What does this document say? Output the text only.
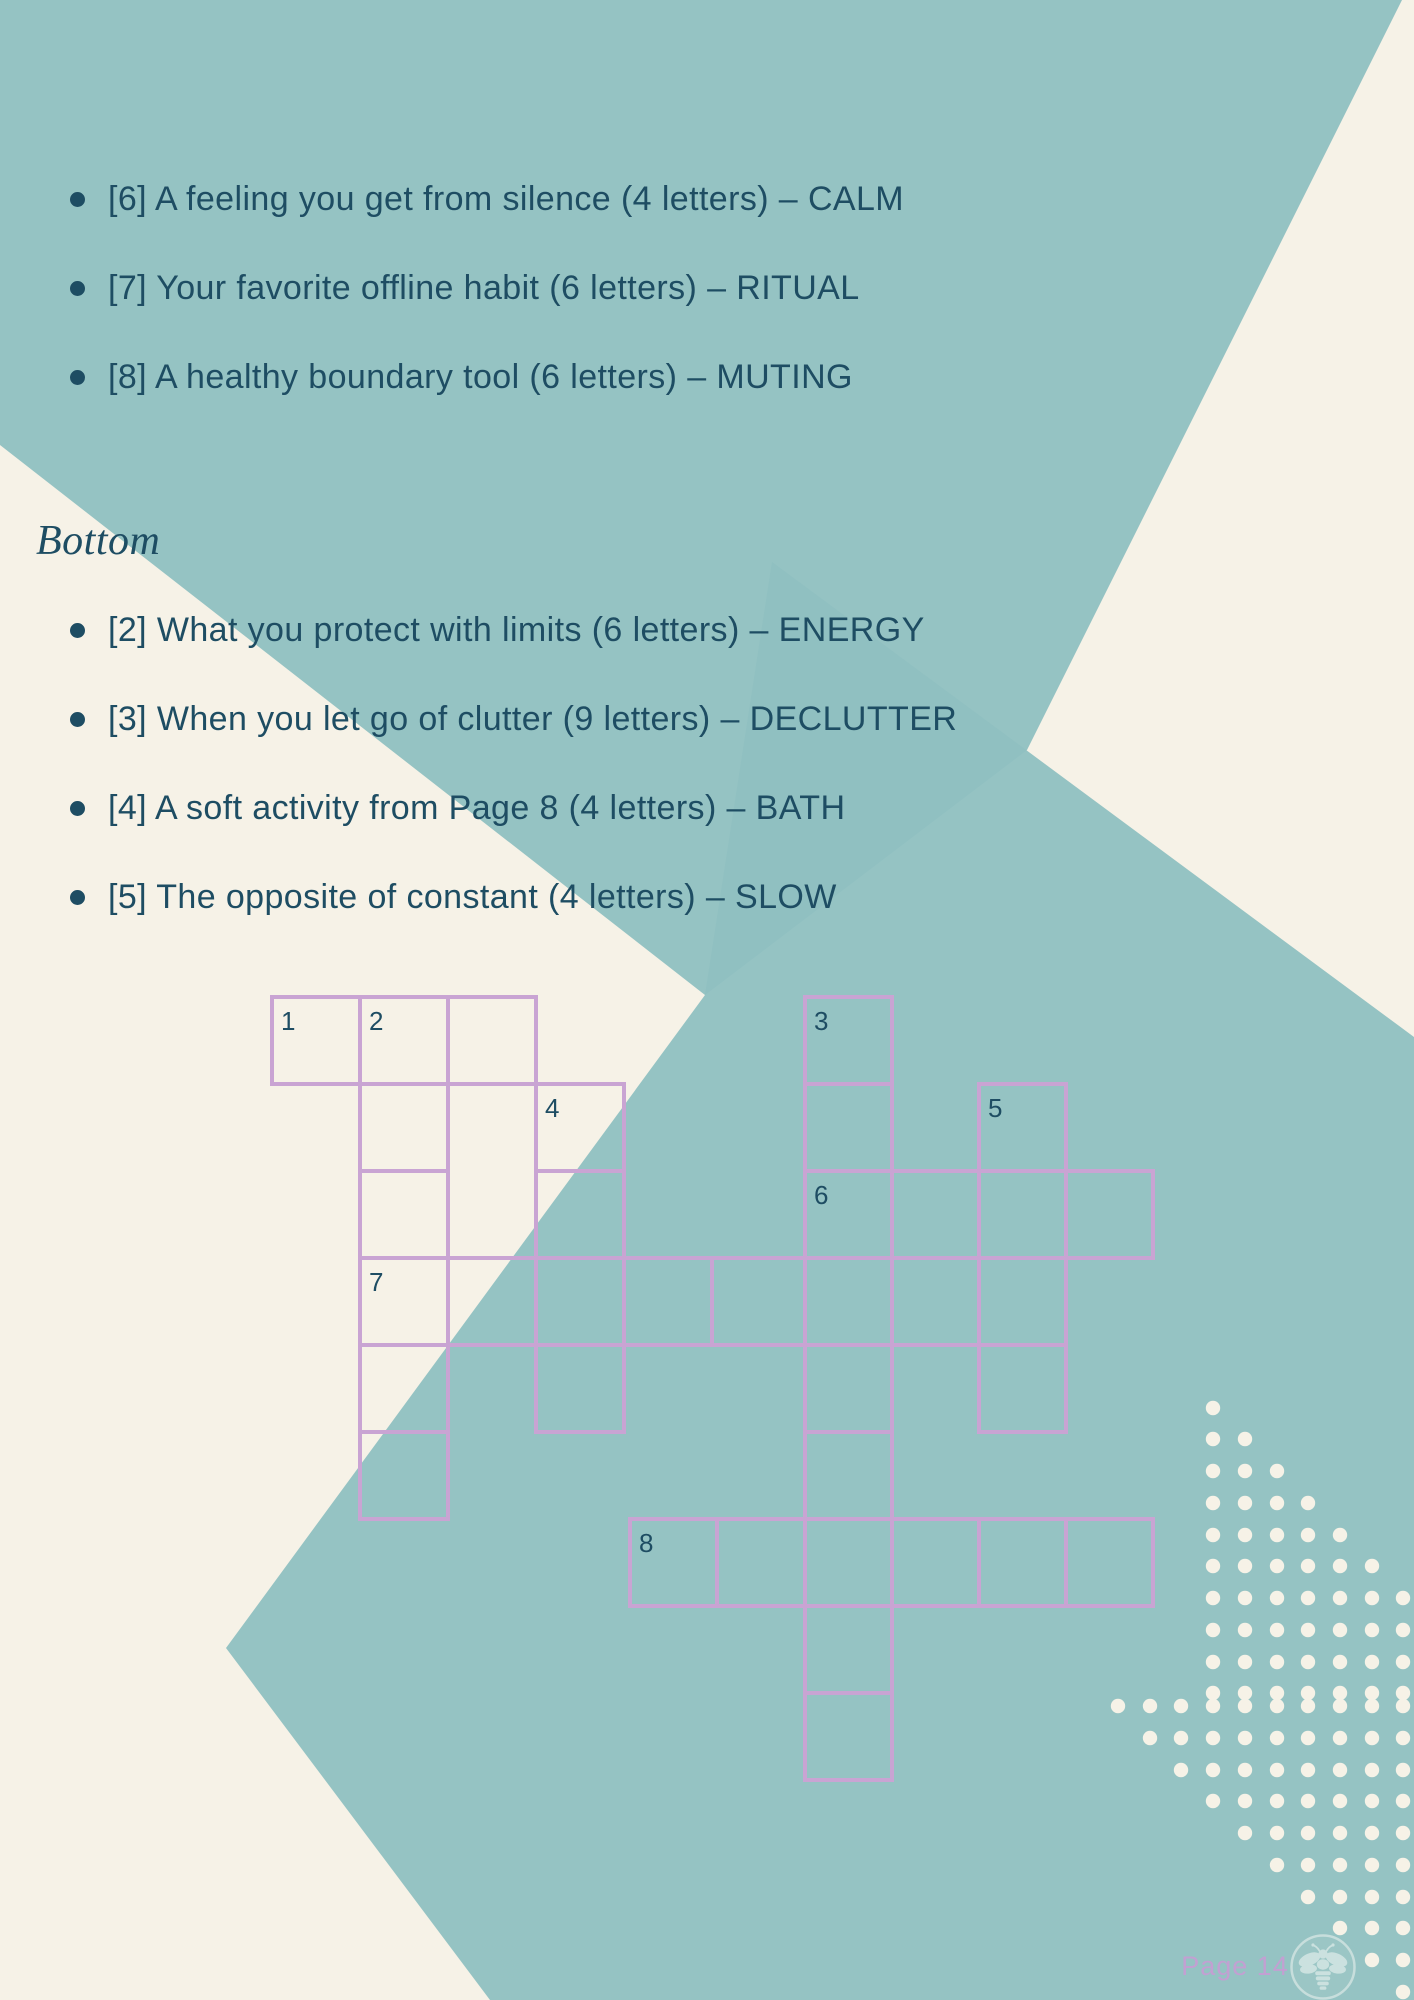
1	2	3
4	5
6
7
8
[6] A feeling you get from silence (4 letters) – CALM
[7] Your favorite offline habit (6 letters) – RITUAL
[8] A healthy boundary tool (6 letters) – MUTING
Bottom
[2] What you protect with limits (6 letters) – ENERGY
[3] When you let go of clutter (9 letters) – DECLUTTER
[4] A soft activity from Page 8 (4 letters) – BATH
[5] The opposite of constant (4 letters) – SLOW
Page 14
